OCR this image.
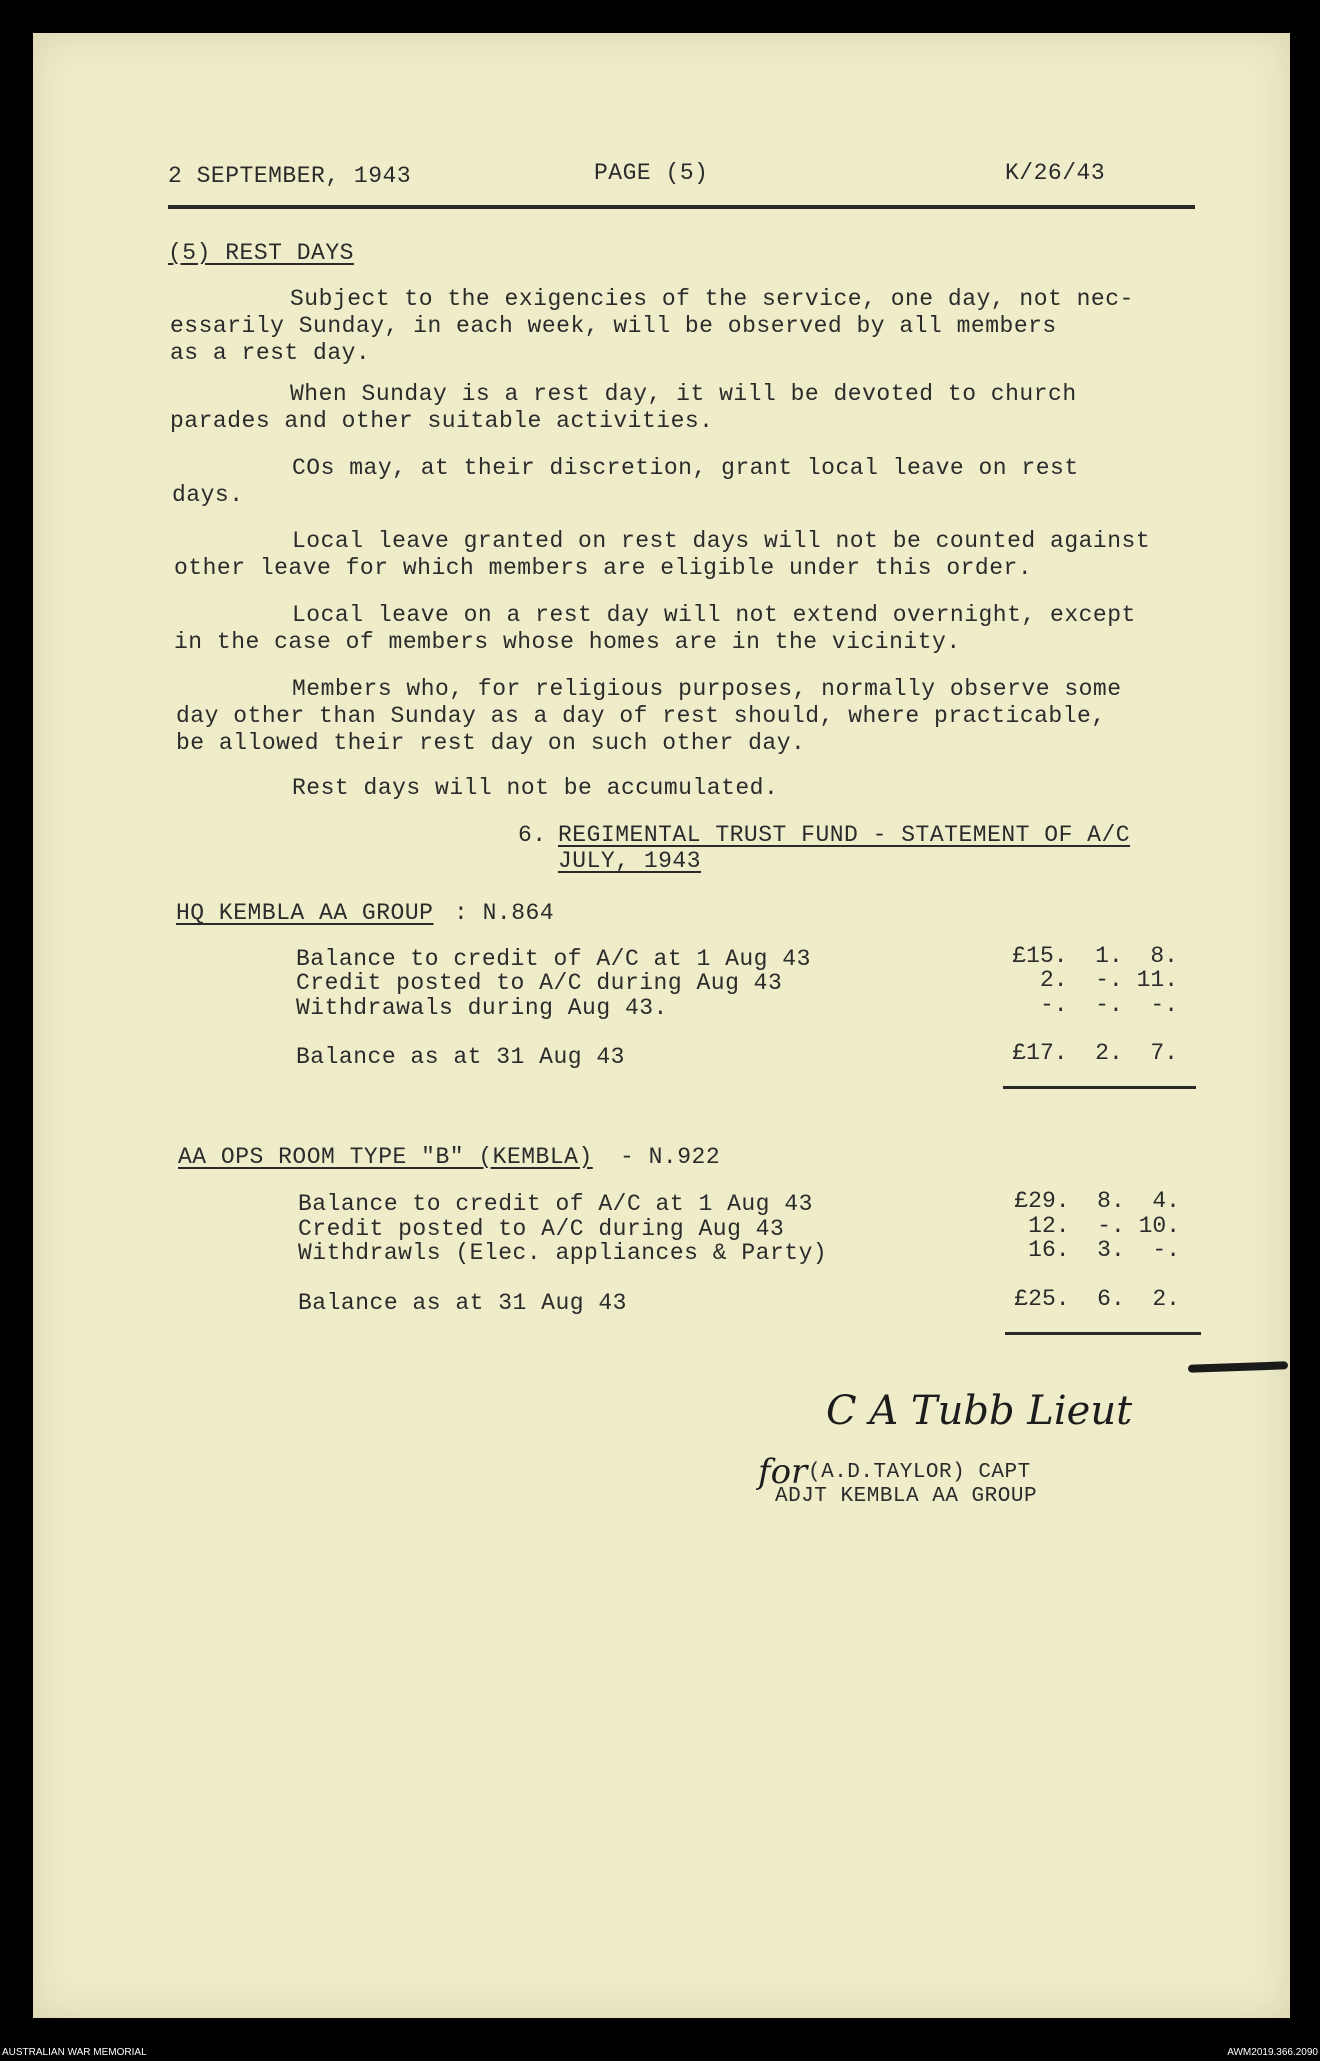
2 SEPTEMBER, 1943	PAGE (5)	K/26/43
(5) REST DAYS
Subject to the exigencies of the service, one day, not nec-
essarily Sunday, in each week, will be observed by all members
as a rest day.
When Sunday is a rest day, it will be devoted to church
parades and other suitable activities.
COs may, at their discretion, grant local leave on rest
days.
Local leave granted on rest days will not be counted against
other leave for which members are eligible under this order.
Local leave on a rest day will not extend overnight, except
in the case of members whose homes are in the vicinity.
Members who, for religious purposes, normally observe some
day other than Sunday as a day of rest should, where practicable,
be allowed their rest day on such other day.
Rest days will not be accumulated.
6. REGIMENTAL TRUST FUND - STATEMENT OF A/C
JULY, 1943
HQ KEMBLA AA GROUP : N.864
Balance to credit of A/C at 1 Aug 43	£15.  1.  8.
Credit posted to A/C during Aug 43	2.  -. 11.
Withdrawals during Aug 43.	-.  -.  -.
Balance as at 31 Aug 43	£17.  2.  7.
AA OPS ROOM TYPE "B" (KEMBLA) - N.922
Balance to credit of A/C at 1 Aug 43	£29.  8.  4.
Credit posted to A/C during Aug 43	12.  -. 10.
Withdrawls (Elec. appliances & Party)	16.  3.  -.
Balance as at 31 Aug 43	£25.  6.  2.
C A Tubb Lieut
for (A.D.TAYLOR) CAPT
ADJT KEMBLA AA GROUP
AUSTRALIAN WAR MEMORIAL	AWM2019.366.2090
